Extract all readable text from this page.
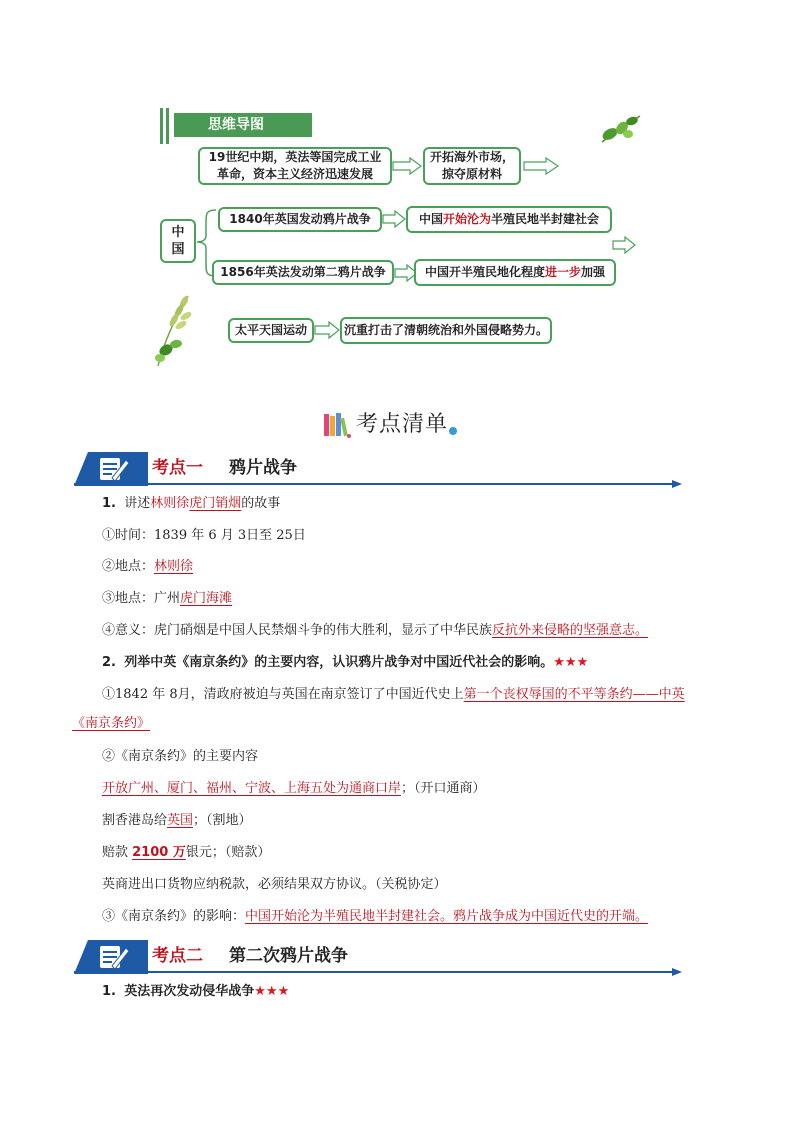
思维导图
19世纪中期，英法等国完成工业
革命，资本主义经济迅速发展
开拓海外市场，
掠夺原材料
中
国
1840年英国发动鸦片战争	中国 开始沦为 半殖民地半封建社会
1856年英法发动第二鸦片战争	中国开半殖民地化程度 进一步 加强
太平天国运动	沉重打击了清朝统治和外国侵略势力。
考点清单
考点一 鸦片战争
1. 讲述林则徐虎门销烟的故事
①时间：1839 年 6 月 3日至 25日
②地点：林则徐
③地点：广州虎门海滩
④意义：虎门硝烟是中国人民禁烟斗争的伟大胜利，显示了中华民族反抗外来侵略的坚强意志。
2. 列举中英《南京条约》的主要内容，认识鸦片战争对中国近代社会的影响。★★★
①1842 年 8月，清政府被迫与英国在南京签订了中国近代史上第一个丧权辱国的不平等条约——中英
《南京条约》
②《南京条约》的主要内容
开放广州、厦门、福州、宁波、上海五处为通商口岸；（开口通商）
割香港岛给英国；（割地）
赔款 2100 万银元；（赔款）
英商进出口货物应纳税款，必须结果双方协议。（关税协定）
③《南京条约》的影响：中国开始沦为半殖民地半封建社会。鸦片战争成为中国近代史的开端。
考点二 第二次鸦片战争
1. 英法再次发动侵华战争★★★
